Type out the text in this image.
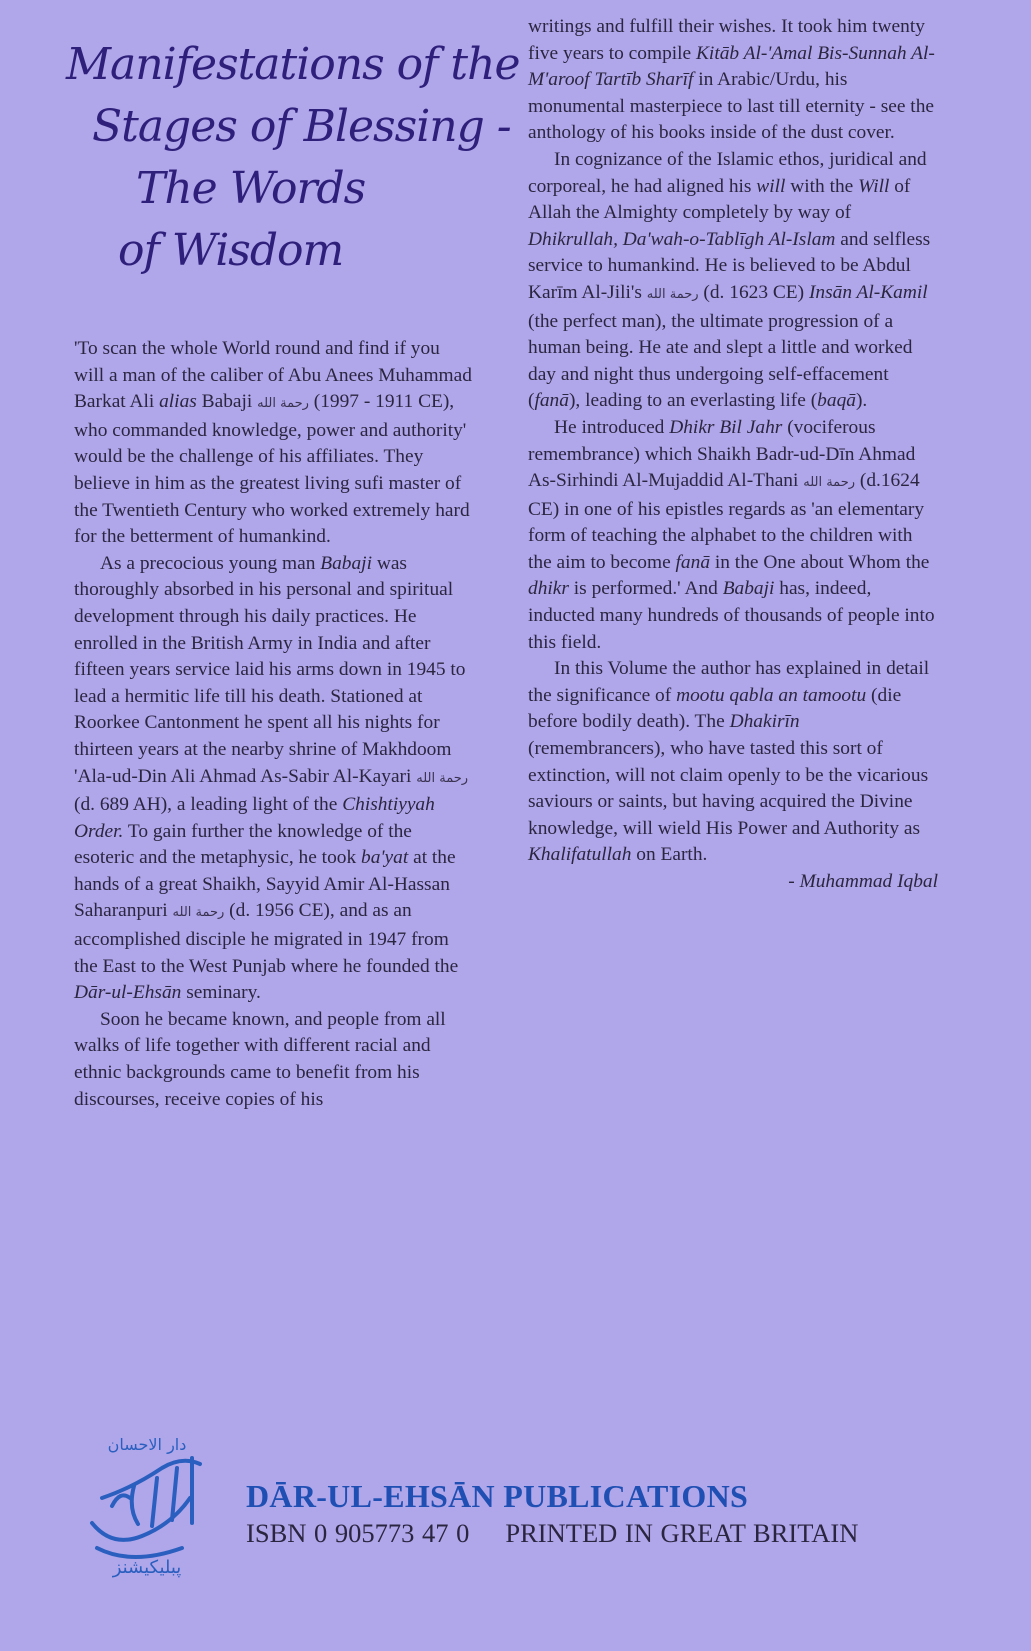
Manifestations of the
Stages of Blessing -
The Words
of Wisdom

'To scan the whole World round and find if you will a man of the caliber of Abu Anees Muhammad Barkat Ali alias Babaji رحمة الله (1911 - 1997 CE), who commanded knowledge, power and authority' would be the challenge of his affiliates. They believe in him as the greatest living sufi master of the Twentieth Century who worked extremely hard for the betterment of humankind.

As a precocious young man Babaji was thoroughly absorbed in his personal and spiritual development through his daily practices. He enrolled in the British Army in India and after fifteen years service laid his arms down in 1945 to lead a hermitic life till his death. Stationed at Roorkee Cantonment he spent all his nights for thirteen years at the nearby shrine of Makhdoom 'Ala-ud-Din Ali Ahmad As-Sabir Al-Kayari رحمة الله (d. 689 AH), a leading light of the Chishtiyyah Order. To gain further the knowledge of the esoteric and the metaphysic, he took ba'yat at the hands of a great Shaikh, Sayyid Amir Al-Hassan Saharanpuri رحمة الله (d. 1956 CE), and as an accomplished disciple he migrated in 1947 from the East to the West Punjab where he founded the Dār-ul-Ehsān seminary.

Soon he became known, and people from all walks of life together with different racial and ethnic backgrounds came to benefit from his discourses, receive copies of his

writings and fulfill their wishes. It took him twenty five years to compile Kitāb Al-'Amal Bis-Sunnah Al-M'aroof Tartīb Sharīf in Arabic/Urdu, his monumental masterpiece to last till eternity - see the anthology of his books inside of the dust cover.

In cognizance of the Islamic ethos, juridical and corporeal, he had aligned his will with the Will of Allah the Almighty completely by way of Dhikrullah, Da'wah-o-Tablīgh Al-Islam and selfless service to humankind. He is believed to be Abdul Karīm Al-Jili's رحمة الله (d. 1623 CE) Insān Al-Kamil (the perfect man), the ultimate progression of a human being. He ate and slept a little and worked day and night thus undergoing self-effacement (fanā), leading to an everlasting life (baqā).

He introduced Dhikr Bil Jahr (vociferous remembrance) which Shaikh Badr-ud-Dīn Ahmad As-Sirhindi Al-Mujaddid Al-Thani رحمة الله (d.1624 CE) in one of his epistles regards as 'an elementary form of teaching the alphabet to the children with the aim to become fanā in the One about Whom the dhikr is performed.' And Babaji has, indeed, inducted many hundreds of thousands of people into this field.

In this Volume the author has explained in detail the significance of mootu qabla an tamootu (die before bodily death). The Dhakirīn (remembrancers), who have tasted this sort of extinction, will not claim openly to be the vicarious saviours or saints, but having acquired the Divine knowledge, will wield His Power and Authority as Khalifatullah on Earth.

- Muhammad Iqbal

پبلیکیشنز
دار الاحسان
DĀR-UL-EHSĀN PUBLICATIONS
ISBN 0 905773 47 0 PRINTED IN GREAT BRITAIN
